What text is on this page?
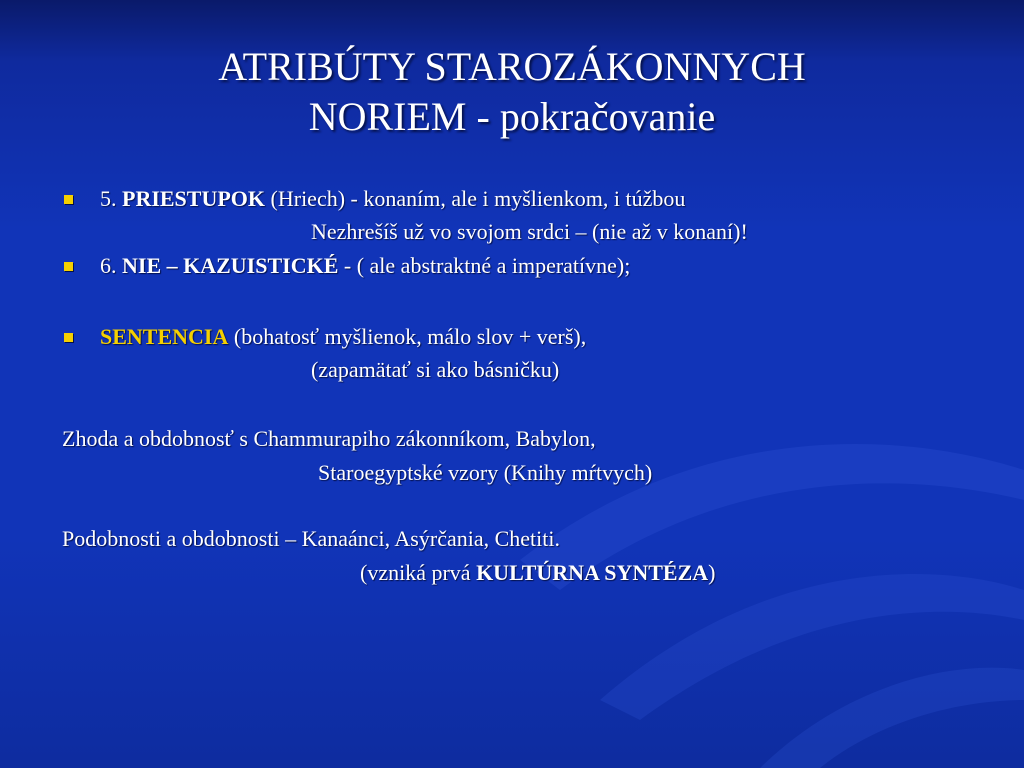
ATRIBÚTY STAROZÁKONNYCH
NORIEM - pokračovanie
5. PRIESTUPOK (Hriech) - konaním, ale i myšlienkom, i túžbou
Nezhrešíš už vo svojom srdci – (nie až v konaní)!
6. NIE – KAZUISTICKÉ - ( ale abstraktné a imperatívne);
SENTENCIA (bohatosť myšlienok, málo slov + verš),
(zapamätať si ako básničku)
Zhoda a obdobnosť s Chammurapiho zákonníkom, Babylon,
Staroegyptské vzory (Knihy mŕtvych)
Podobnosti a obdobnosti – Kanaánci, Asýrčania, Chetiti.
(vzniká prvá KULTÚRNA SYNTÉZA)
